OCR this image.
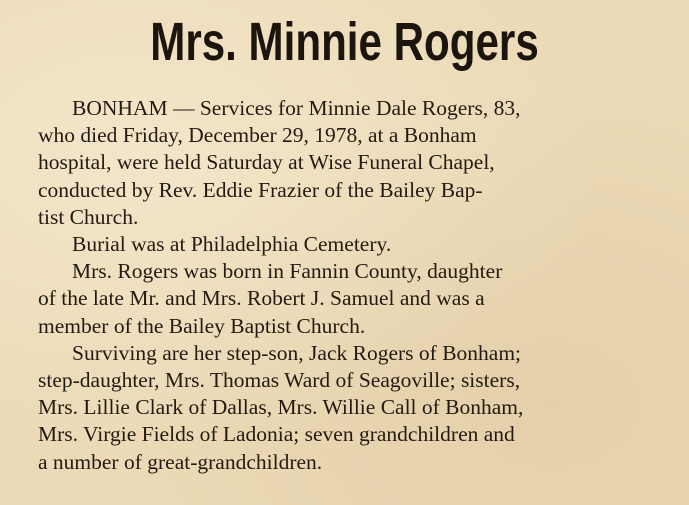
Mrs. Minnie Rogers

BONHAM — Services for Minnie Dale Rogers, 83,
who died Friday, December 29, 1978, at a Bonham
hospital, were held Saturday at Wise Funeral Chapel,
conducted by Rev. Eddie Frazier of the Bailey Bap-
tist Church.

Burial was at Philadelphia Cemetery.

Mrs. Rogers was born in Fannin County, daughter
of the late Mr. and Mrs. Robert J. Samuel and was a
member of the Bailey Baptist Church.

Surviving are her step-son, Jack Rogers of Bonham;
step-daughter, Mrs. Thomas Ward of Seagoville; sisters,
Mrs. Lillie Clark of Dallas, Mrs. Willie Call of Bonham,
Mrs. Virgie Fields of Ladonia; seven grandchildren and
a number of great-grandchildren.
